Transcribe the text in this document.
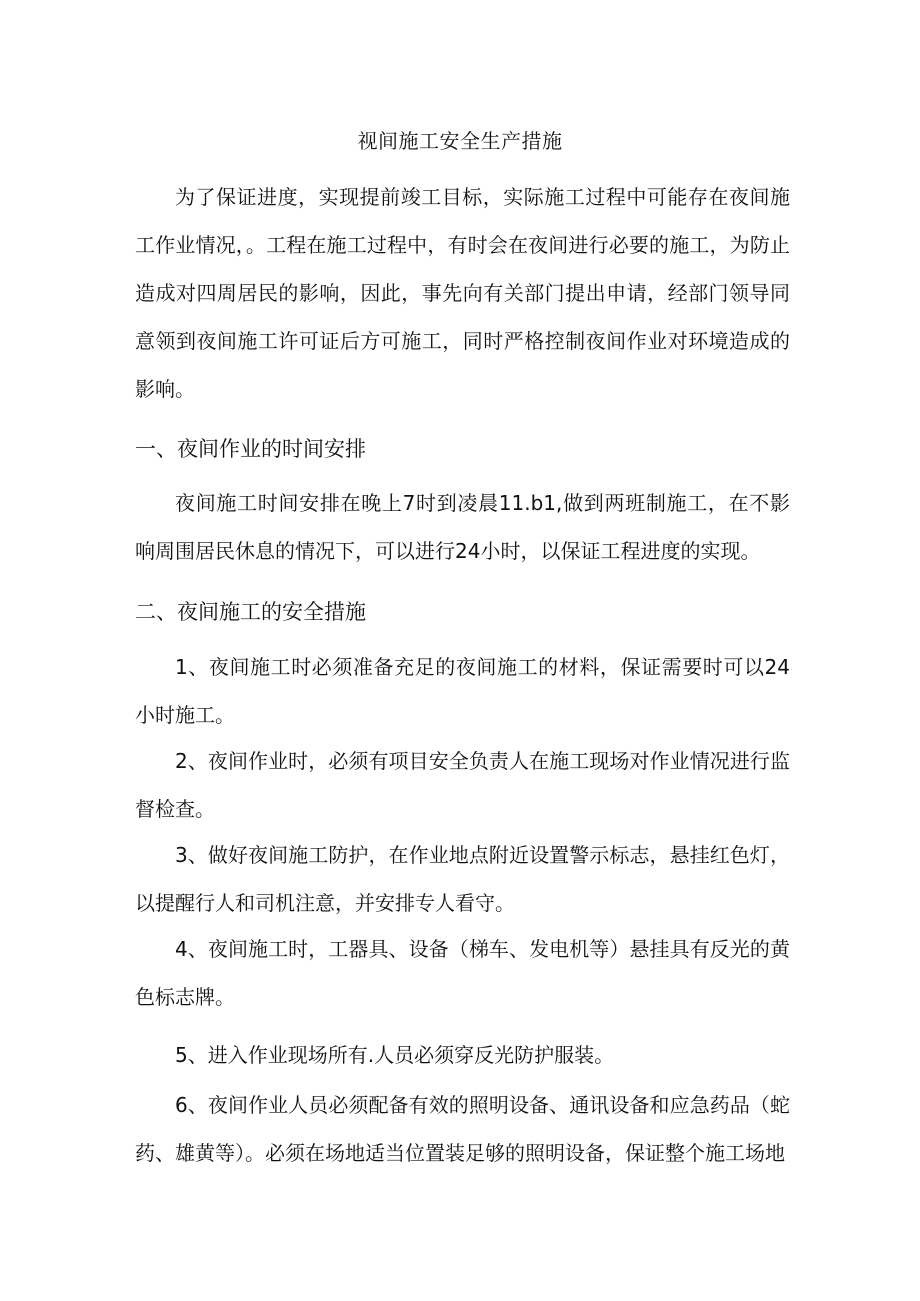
视间施工安全生产措施

为了保证进度，实现提前竣工目标，实际施工过程中可能存在夜间施工作业情况，。工程在施工过程中，有时会在夜间进行必要的施工，为防止造成对四周居民的影响，因此，事先向有关部门提出申请，经部门领导同意领到夜间施工许可证后方可施工，同时严格控制夜间作业对环境造成的影响。

一、夜间作业的时间安排

夜间施工时间安排在晚上7时到凌晨11.b1,做到两班制施工，在不影响周围居民休息的情况下，可以进行24小时，以保证工程进度的实现。

二、夜间施工的安全措施

1、夜间施工时必须准备充足的夜间施工的材料，保证需要时可以24小时施工。

2、夜间作业时，必须有项目安全负责人在施工现场对作业情况进行监督检查。

3、做好夜间施工防护，在作业地点附近设置警示标志，悬挂红色灯，以提醒行人和司机注意，并安排专人看守。

4、夜间施工时，工器具、设备（梯车、发电机等）悬挂具有反光的黄色标志牌。

5、进入作业现场所有.人员必须穿反光防护服装。

6、夜间作业人员必须配备有效的照明设备、通讯设备和应急药品（蛇药、雄黄等）。必须在场地适当位置装足够的照明设备，保证整个施工场地
